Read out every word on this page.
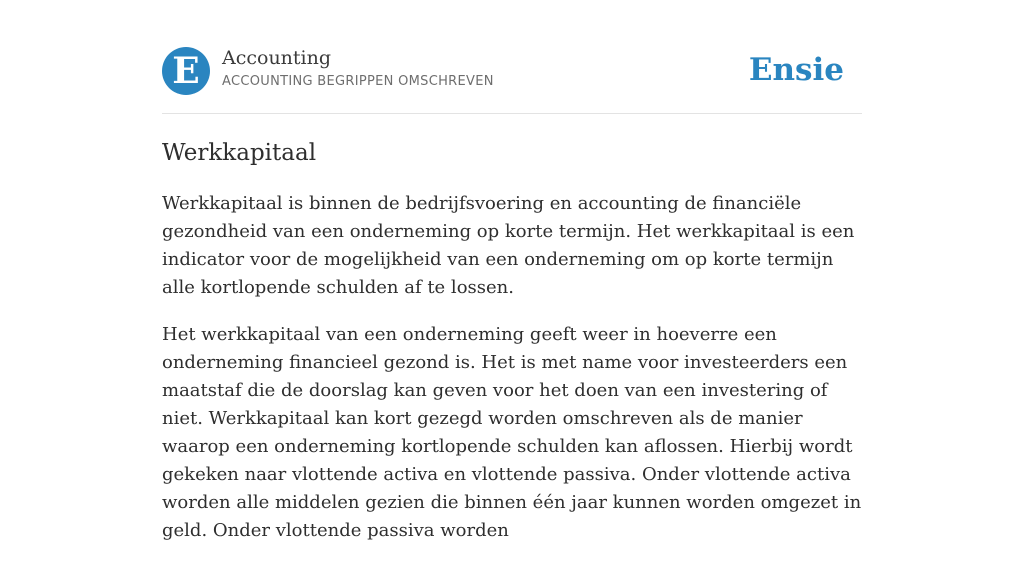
E	Accounting
ACCOUNTING BEGRIPPEN OMSCHREVEN	Ensie
Werkkapitaal

Werkkapitaal is binnen de bedrijfsvoering en accounting de financiële gezondheid van een onderneming op korte termijn. Het werkkapitaal is een indicator voor de mogelijkheid van een onderneming om op korte termijn alle kortlopende schulden af te lossen.

Het werkkapitaal van een onderneming geeft weer in hoeverre een onderneming financieel gezond is. Het is met name voor investeerders een maatstaf die de doorslag kan geven voor het doen van een investering of niet. Werkkapitaal kan kort gezegd worden omschreven als de manier waarop een onderneming kortlopende schulden kan aflossen. Hierbij wordt gekeken naar vlottende activa en vlottende passiva. Onder vlottende activa worden alle middelen gezien die binnen één jaar kunnen worden omgezet in geld. Onder vlottende passiva worden
